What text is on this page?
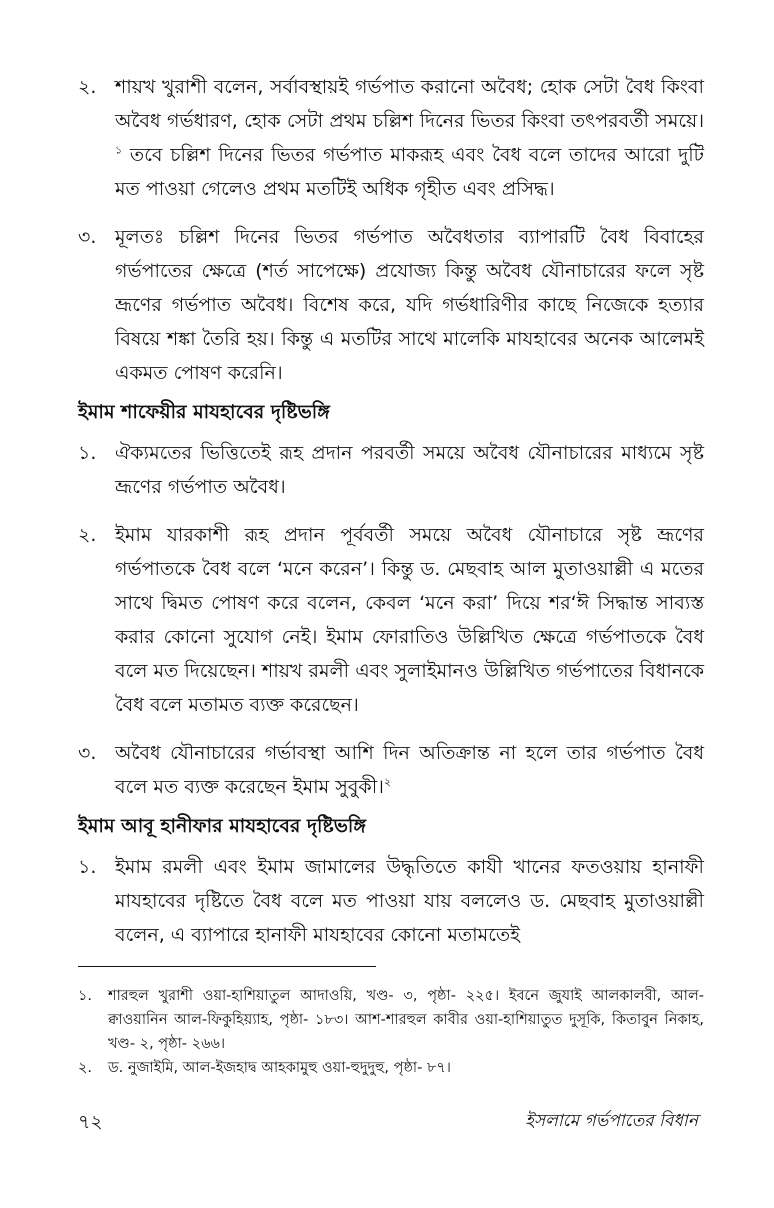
২. শায়খ খুরাশী বলেন, সর্বাবস্থায়ই গর্ভপাত করানো অবৈধ; হোক সেটা বৈধ কিংবা অবৈধ গর্ভধারণ, হোক সেটা প্রথম চল্লিশ দিনের ভিতর কিংবা তৎপরবর্তী সময়ে।$^১$ তবে চল্লিশ দিনের ভিতর গর্ভপাত মাকরূহ এবং বৈধ বলে তাদের আরো দুটি মত পাওয়া গেলেও প্রথম মতটিই অধিক গৃহীত এবং প্রসিদ্ধ।
৩. মূলতঃ চল্লিশ দিনের ভিতর গর্ভপাত অবৈধতার ব্যাপারটি বৈধ বিবাহের গর্ভপাতের ক্ষেত্রে (শর্ত সাপেক্ষে) প্রযোজ্য কিন্তু অবৈধ যৌনাচারের ফলে সৃষ্ট ভ্রূণের গর্ভপাত অবৈধ। বিশেষ করে, যদি গর্ভধারিণীর কাছে নিজেকে হত্যার বিষয়ে শঙ্কা তৈরি হয়। কিন্তু এ মতটির সাথে মালেকি মাযহাবের অনেক আলেমই একমত পোষণ করেনি।
ইমাম শাফেয়ীর মাযহাবের দৃষ্টিভঙ্গি
১. ঐক্যমতের ভিত্তিতেই রূহ প্রদান পরবর্তী সময়ে অবৈধ যৌনাচারের মাধ্যমে সৃষ্ট ভ্রূণের গর্ভপাত অবৈধ।
২. ইমাম যারকাশী রূহ প্রদান পূর্ববর্তী সময়ে অবৈধ যৌনাচারে সৃষ্ট ভ্রূণের গর্ভপাতকে বৈধ বলে ‘মনে করেন’। কিন্তু ড. মেছবাহ আল মুতাওয়াল্লী এ মতের সাথে দ্বিমত পোষণ করে বলেন, কেবল ‘মনে করা’ দিয়ে শর‘ঈ সিদ্ধান্ত সাব্যস্ত করার কোনো সুযোগ নেই। ইমাম ফোরাতিও উল্লিখিত ক্ষেত্রে গর্ভপাতকে বৈধ বলে মত দিয়েছেন। শায়খ রমলী এবং সুলাইমানও উল্লিখিত গর্ভপাতের বিধানকে বৈধ বলে মতামত ব্যক্ত করেছেন।
৩. অবৈধ যৌনাচারের গর্ভাবস্থা আশি দিন অতিক্রান্ত না হলে তার গর্ভপাত বৈধ বলে মত ব্যক্ত করেছেন ইমাম সুবুকী।$^২$
ইমাম আবূ হানীফার মাযহাবের দৃষ্টিভঙ্গি
১. ইমাম রমলী এবং ইমাম জামালের উদ্ধৃতিতে কাযী খানের ফতওয়ায় হানাফী মাযহাবের দৃষ্টিতে বৈধ বলে মত পাওয়া যায় বললেও ড. মেছবাহ মুতাওয়াল্লী বলেন, এ ব্যাপারে হানাফী মাযহাবের কোনো মতামতেই
১.	শারহুল খুরাশী ওয়া-হাশিয়াতুল আদাওয়ি, খণ্ড- ৩, পৃষ্ঠা- ২২৫। ইবনে জুযাই আলকালবী, আল-ক্বাওয়ানিন আল-ফিকুহিয়্যাহ, পৃষ্ঠা- ১৮৩। আশ-শারহুল কাবীর ওয়া-হাশিয়াতুত দুসূকি, কিতাবুন নিকাহ, খণ্ড- ২, পৃষ্ঠা- ২৬৬।
২.	ড. নুজাইমি, আল-ইজহাদ্ব আহকামুহু ওয়া-হুদুদুহু, পৃষ্ঠা- ৮৭।
৭২	ইসলামে গর্ভপাতের বিধান
